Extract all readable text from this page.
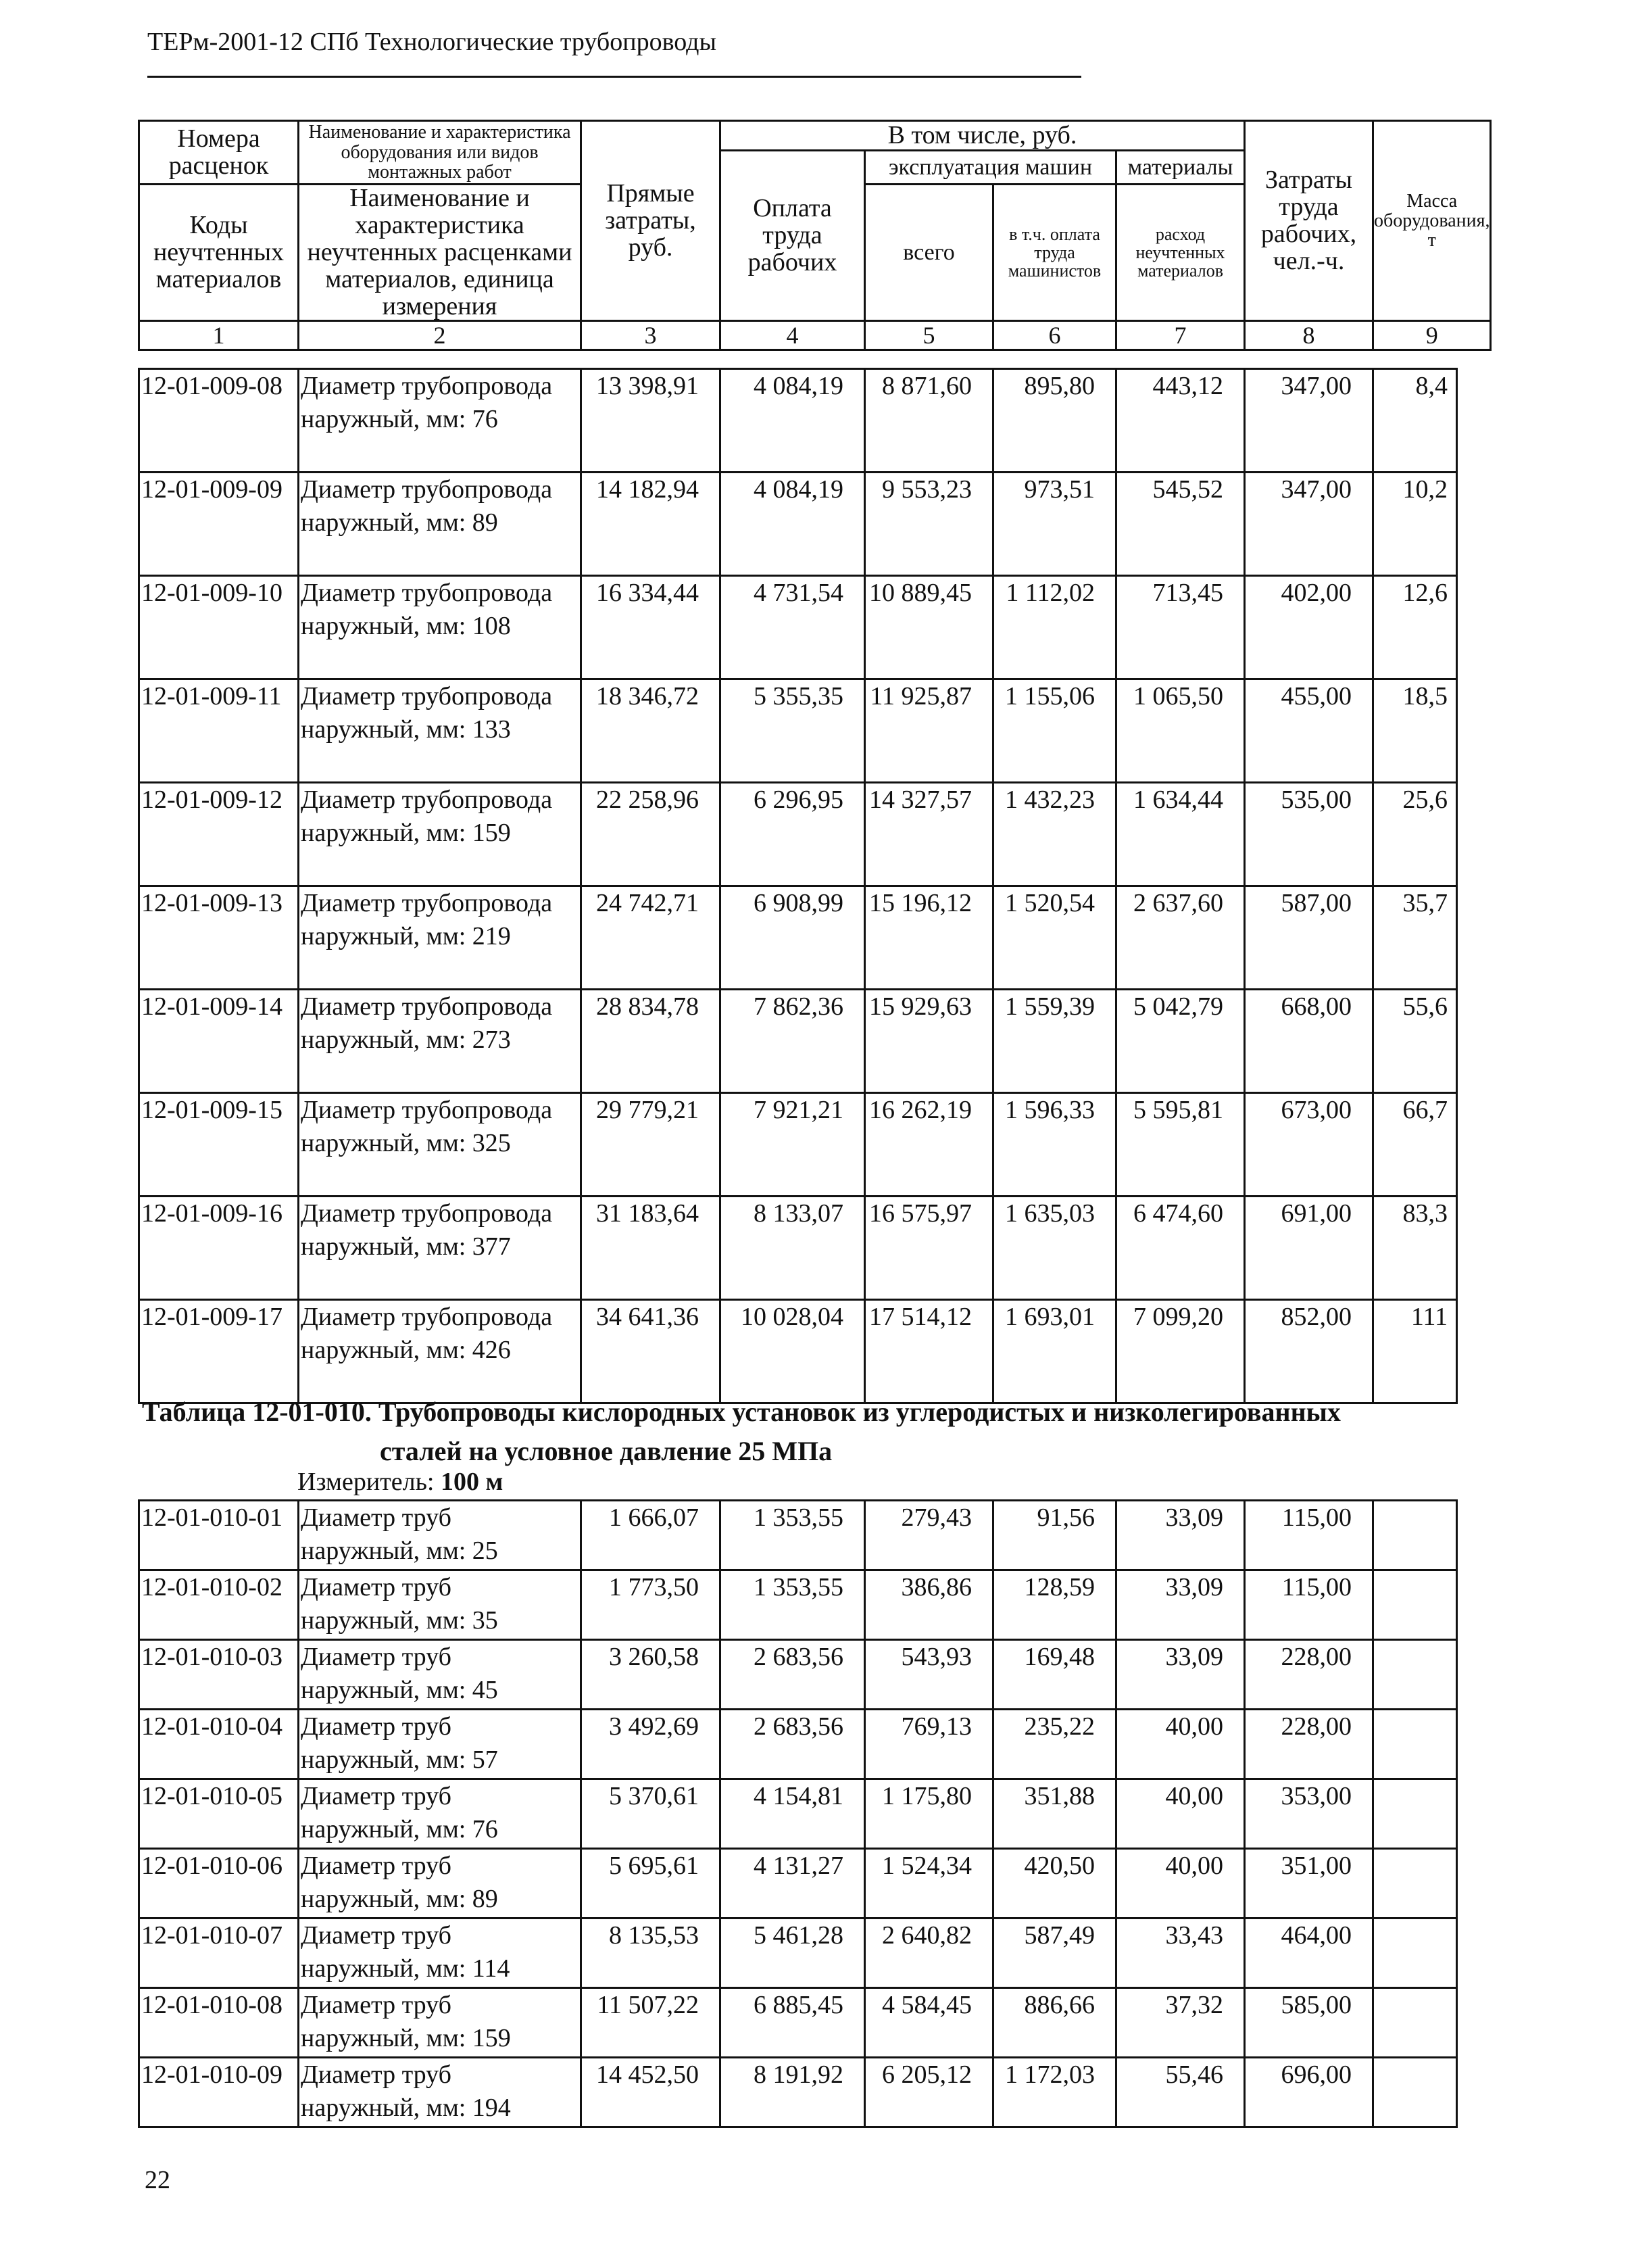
ТЕРм-2001-12 СПб Технологические трубопроводы
Номера расценок	Наименование и характеристика оборудования или видов монтажных работ	Прямые затраты, руб.	В том числе, руб.				Затраты труда рабочих, чел.-ч.	Масса оборудования, т
			Оплата труда рабочих	эксплуатация машин		материалы		
Коды неучтенных материалов	Наименование и характеристика неучтенных расценками материалов, единица измерения			всего	в т.ч. оплата труда машинистов	расход неучтенных материалов		

1	2	3	4	5	6	7	8	9
12-01-009-08	Диаметр трубопровода
наружный, мм: 76	13 398,91	4 084,19	8 871,60	895,80	443,12	347,00	8,4
12-01-009-09	Диаметр трубопровода
наружный, мм: 89	14 182,94	4 084,19	9 553,23	973,51	545,52	347,00	10,2
12-01-009-10	Диаметр трубопровода
наружный, мм: 108	16 334,44	4 731,54	10 889,45	1 112,02	713,45	402,00	12,6
12-01-009-11	Диаметр трубопровода
наружный, мм: 133	18 346,72	5 355,35	11 925,87	1 155,06	1 065,50	455,00	18,5
12-01-009-12	Диаметр трубопровода
наружный, мм: 159	22 258,96	6 296,95	14 327,57	1 432,23	1 634,44	535,00	25,6
12-01-009-13	Диаметр трубопровода
наружный, мм: 219	24 742,71	6 908,99	15 196,12	1 520,54	2 637,60	587,00	35,7
12-01-009-14	Диаметр трубопровода
наружный, мм: 273	28 834,78	7 862,36	15 929,63	1 559,39	5 042,79	668,00	55,6
12-01-009-15	Диаметр трубопровода
наружный, мм: 325	29 779,21	7 921,21	16 262,19	1 596,33	5 595,81	673,00	66,7
12-01-009-16	Диаметр трубопровода
наружный, мм: 377	31 183,64	8 133,07	16 575,97	1 635,03	6 474,60	691,00	83,3
12-01-009-17	Диаметр трубопровода
наружный, мм: 426	34 641,36	10 028,04	17 514,12	1 693,01	7 099,20	852,00	111
Таблица 12-01-010. Трубопроводы кислородных установок из углеродистых и низколегированных
сталей на условное давление 25 МПа
Измеритель: 100 м
12-01-010-01	Диаметр труб
наружный, мм: 25	1 666,07	1 353,55	279,43	91,56	33,09	115,00	
12-01-010-02	Диаметр труб
наружный, мм: 35	1 773,50	1 353,55	386,86	128,59	33,09	115,00	
12-01-010-03	Диаметр труб
наружный, мм: 45	3 260,58	2 683,56	543,93	169,48	33,09	228,00	
12-01-010-04	Диаметр труб
наружный, мм: 57	3 492,69	2 683,56	769,13	235,22	40,00	228,00	
12-01-010-05	Диаметр труб
наружный, мм: 76	5 370,61	4 154,81	1 175,80	351,88	40,00	353,00	
12-01-010-06	Диаметр труб
наружный, мм: 89	5 695,61	4 131,27	1 524,34	420,50	40,00	351,00	
12-01-010-07	Диаметр труб
наружный, мм: 114	8 135,53	5 461,28	2 640,82	587,49	33,43	464,00	
12-01-010-08	Диаметр труб
наружный, мм: 159	11 507,22	6 885,45	4 584,45	886,66	37,32	585,00	
12-01-010-09	Диаметр труб
наружный, мм: 194	14 452,50	8 191,92	6 205,12	1 172,03	55,46	696,00	
22
